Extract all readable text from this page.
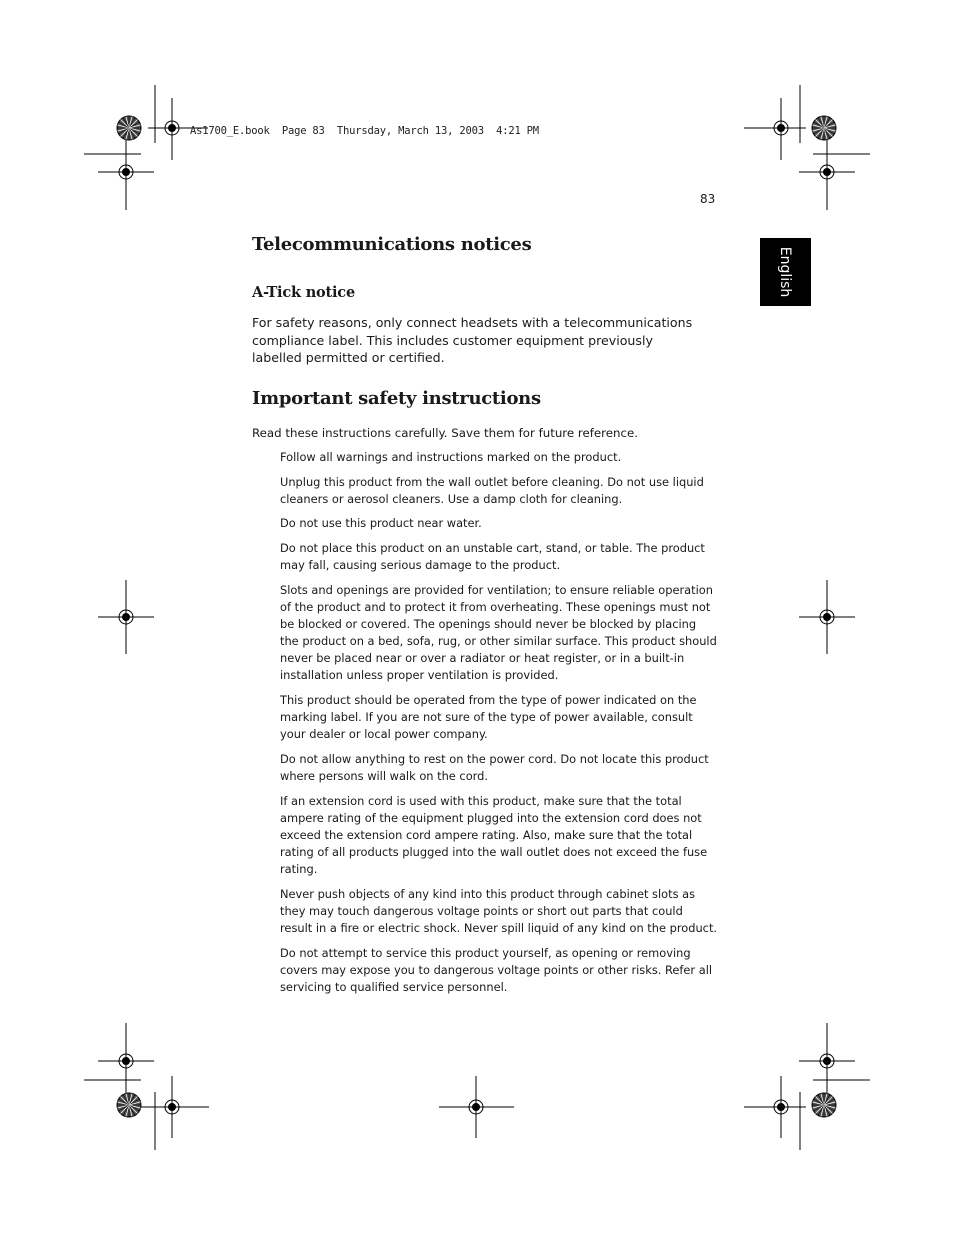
As1700_E.book  Page 83  Thursday, March 13, 2003  4:21 PM
83
English
Telecommunications notices
A-Tick notice
For safety reasons, only connect headsets with a telecommunications compliance label. This includes customer equipment previously labelled permitted or certified.
Important safety instructions
Read these instructions carefully. Save them for future reference.
Follow all warnings and instructions marked on the product.
Unplug this product from the wall outlet before cleaning. Do not use liquid cleaners or aerosol cleaners. Use a damp cloth for cleaning.
Do not use this product near water.
Do not place this product on an unstable cart, stand, or table. The product may fall, causing serious damage to the product.
Slots and openings are provided for ventilation; to ensure reliable operation of the product and to protect it from overheating. These openings must not be blocked or covered. The openings should never be blocked by placing the product on a bed, sofa, rug, or other similar surface. This product should never be placed near or over a radiator or heat register, or in a built-in installation unless proper ventilation is provided.
This product should be operated from the type of power indicated on the marking label. If you are not sure of the type of power available, consult your dealer or local power company.
Do not allow anything to rest on the power cord. Do not locate this product where persons will walk on the cord.
If an extension cord is used with this product, make sure that the total ampere rating of the equipment plugged into the extension cord does not exceed the extension cord ampere rating. Also, make sure that the total rating of all products plugged into the wall outlet does not exceed the fuse rating.
Never push objects of any kind into this product through cabinet slots as they may touch dangerous voltage points or short out parts that could result in a fire or electric shock. Never spill liquid of any kind on the product.
Do not attempt to service this product yourself, as opening or removing covers may expose you to dangerous voltage points or other risks. Refer all servicing to qualified service personnel.
